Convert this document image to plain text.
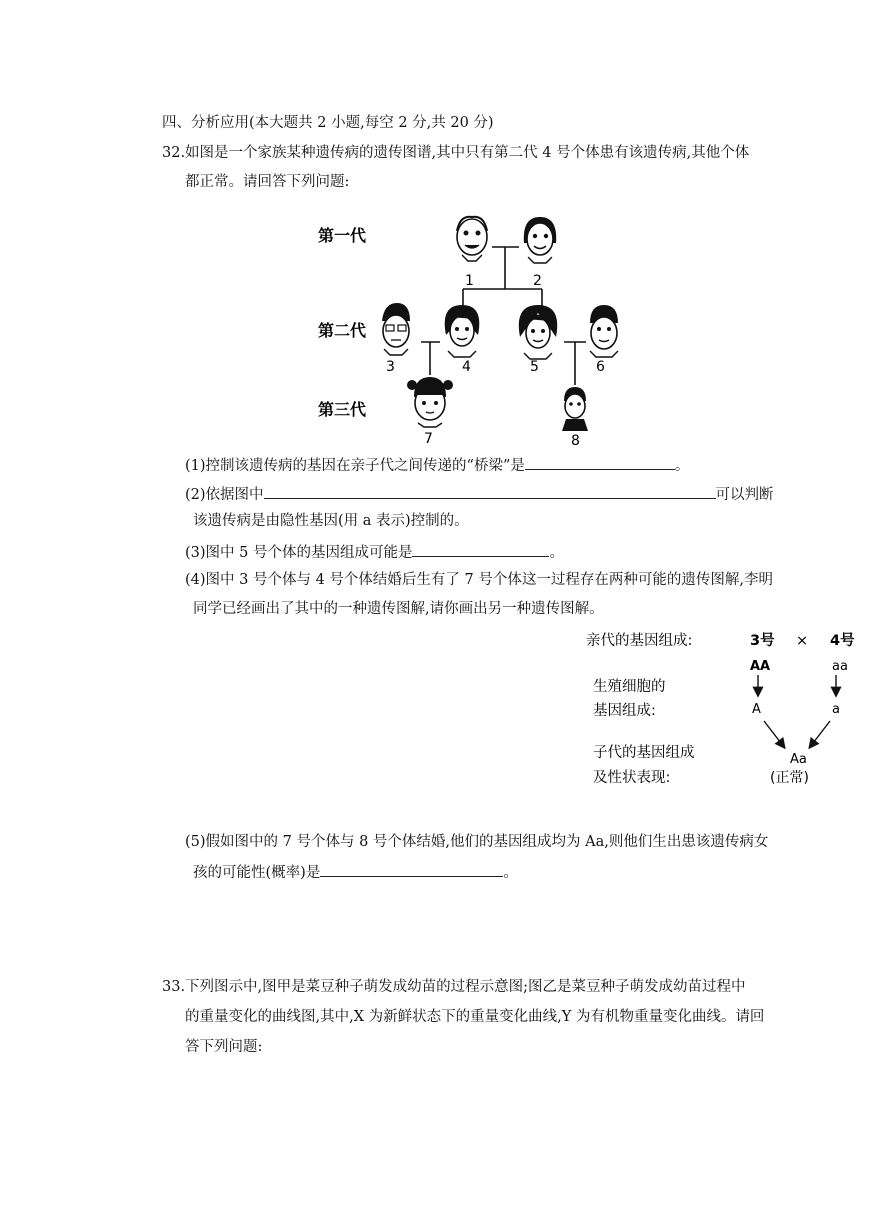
四、分析应用(本大题共 2 小题,每空 2 分,共 20 分)
32.如图是一个家族某种遗传病的遗传图谱,其中只有第二代 4 号个体患有该遗传病,其他个体
都正常。请回答下列问题:
第一代
第二代
第三代
1	2
3	4	5	6
7	8
(1)控制该遗传病的基因在亲子代之间传递的“桥梁”是	。
(2)依据图中	可以判断
该遗传病是由隐性基因(用 a 表示)控制的。
(3)图中 5 号个体的基因组成可能是	。
(4)图中 3 号个体与 4 号个体结婚后生有了 7 号个体这一过程存在两种可能的遗传图解,李明
同学已经画出了其中的一种遗传图解,请你画出另一种遗传图解。
亲代的基因组成:	3号 × 4号
AA	aa
生殖细胞的
基因组成:	A	a
子代的基因组成
及性状表现:
Aa
(正常)
(5)假如图中的 7 号个体与 8 号个体结婚,他们的基因组成均为 Aa,则他们生出患该遗传病女
孩的可能性(概率)是	。
33.下列图示中,图甲是菜豆种子萌发成幼苗的过程示意图;图乙是菜豆种子萌发成幼苗过程中
的重量变化的曲线图,其中,X 为新鲜状态下的重量变化曲线,Y 为有机物重量变化曲线。请回
答下列问题:
